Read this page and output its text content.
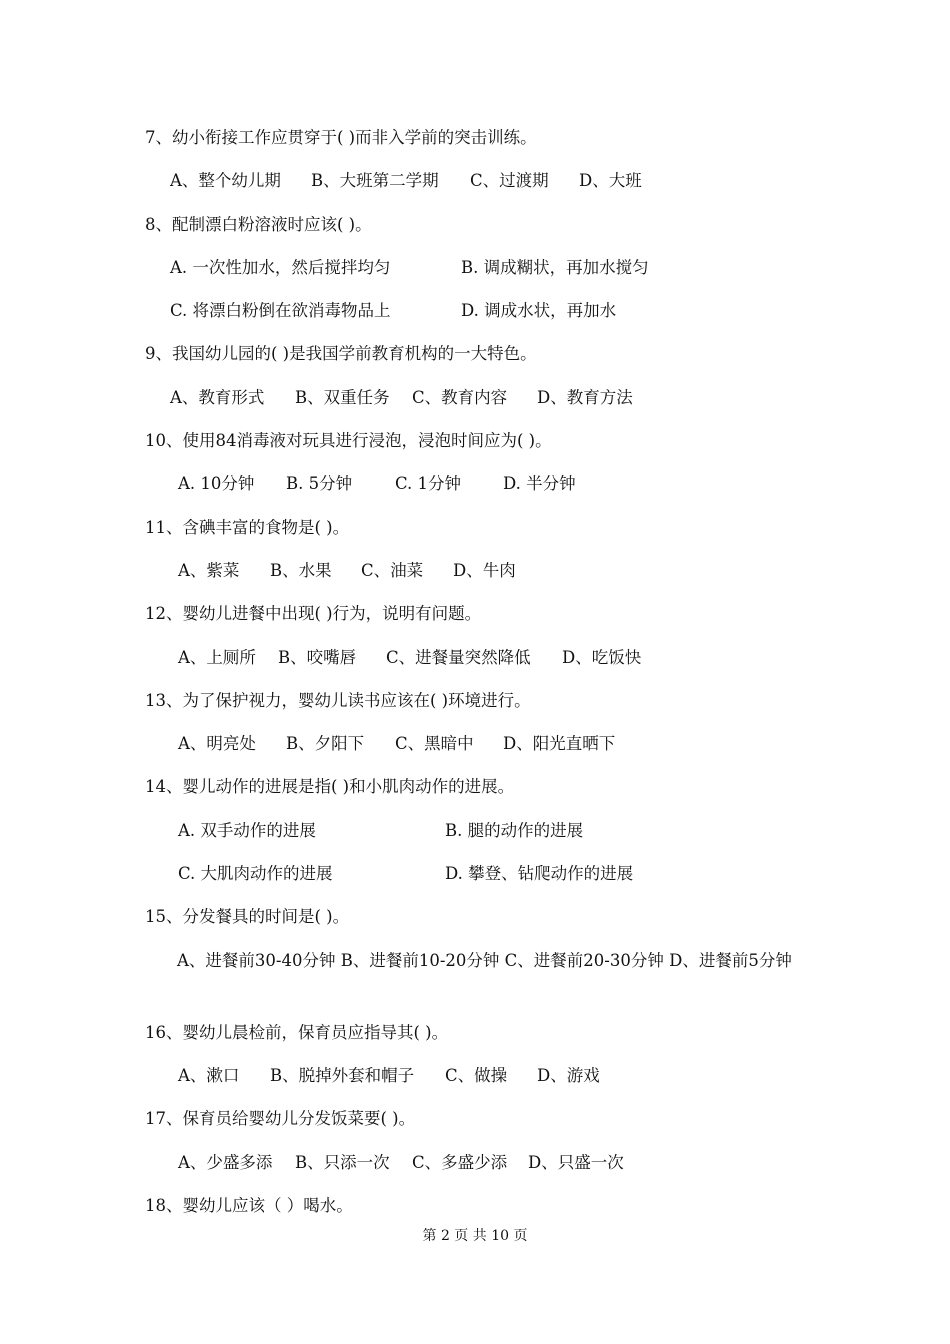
7、幼小衔接工作应贯穿于( )而非入学前的突击训练。
A、整个幼儿期 B、大班第二学期 C、过渡期 D、大班
8、配制漂白粉溶液时应该( )。
A. 一次性加水，然后搅拌均匀	B. 调成糊状，再加水搅匀
C. 将漂白粉倒在欲消毒物品上	D. 调成水状，再加水
9、我国幼儿园的( )是我国学前教育机构的一大特色。
A、教育形式 B、双重任务 C、教育内容 D、教育方法
10、使用84消毒液对玩具进行浸泡，浸泡时间应为( )。
A. 10分钟 B. 5分钟	C. 1分钟	D. 半分钟
11、含碘丰富的食物是( )。
A、紫菜 B、水果 C、油菜 D、牛肉
12、婴幼儿进餐中出现( )行为，说明有问题。
A、上厕所 B、咬嘴唇 C、进餐量突然降低 D、吃饭快
13、为了保护视力，婴幼儿读书应该在( )环境进行。
A、明亮处 B、夕阳下 C、黑暗中 D、阳光直晒下
14、婴儿动作的进展是指( )和小肌肉动作的进展。
A. 双手动作的进展	B. 腿的动作的进展
C. 大肌肉动作的进展	D. 攀登、钻爬动作的进展
15、分发餐具的时间是( )。
A、进餐前30-40分钟 B、进餐前10-20分钟 C、进餐前20-30分钟 D、进餐前5分钟
16、婴幼儿晨检前，保育员应指导其( )。
A、漱口 B、脱掉外套和帽子 C、做操 D、游戏
17、保育员给婴幼儿分发饭菜要( )。
A、少盛多添 B、只添一次 C、多盛少添 D、只盛一次
18、婴幼儿应该（ ）喝水。
第 2 页 共 10 页
